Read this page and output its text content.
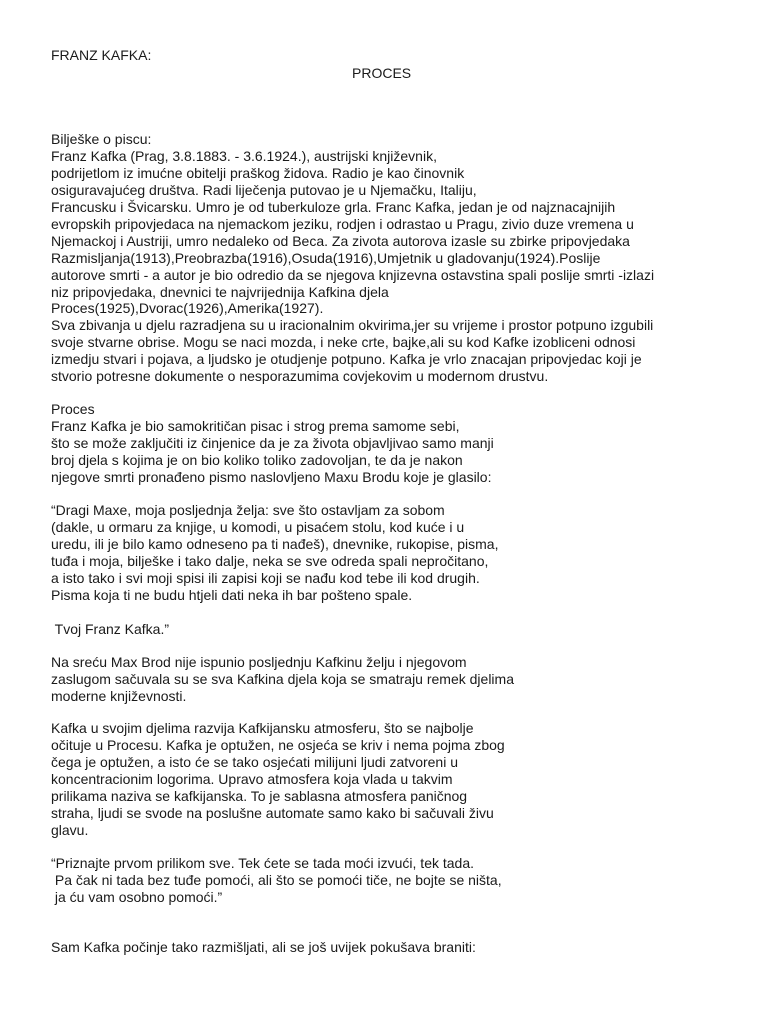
FRANZ KAFKA:

PROCES

Bilješke o piscu:

Franz Kafka (Prag, 3.8.1883. - 3.6.1924.), austrijski književnik,

podrijetlom iz imućne obitelji praškog židova. Radio je kao činovnik

osiguravajućeg društva. Radi liječenja putovao je u Njemačku, Italiju,

Francusku i Švicarsku. Umro je od tuberkuloze grla. Franc Kafka, jedan je od najznacajnijih

evropskih pripovjedaca na njemackom jeziku, rodjen i odrastao u Pragu, zivio duze vremena u

Njemackoj i Austriji, umro nedaleko od Beca. Za zivota autorova izasle su zbirke pripovjedaka

Razmisljanja(1913),Preobrazba(1916),Osuda(1916),Umjetnik u gladovanju(1924).Poslije

autorove smrti - a autor je bio odredio da se njegova knjizevna ostavstina spali poslije smrti -izlazi

niz pripovjedaka, dnevnici te najvrijednija Kafkina djela

Proces(1925),Dvorac(1926),Amerika(1927).

Sva zbivanja u djelu razradjena su u iracionalnim okvirima,jer su vrijeme i prostor potpuno izgubili

svoje stvarne obrise. Mogu se naci mozda, i neke crte, bajke,ali su kod Kafke izobliceni odnosi

izmedju stvari i pojava, a ljudsko je otudjenje potpuno. Kafka je vrlo znacajan pripovjedac koji je

stvorio potresne dokumente o nesporazumima covjekovim u modernom drustvu.

Proces

Franz Kafka je bio samokritičan pisac i strog prema samome sebi,

što se može zaključiti iz činjenice da je za života objavljivao samo manji

broj djela s kojima je on bio koliko toliko zadovoljan, te da je nakon

njegove smrti pronađeno pismo naslovljeno Maxu Brodu koje je glasilo:

“Dragi Maxe, moja posljednja želja: sve što ostavljam za sobom

(dakle, u ormaru za knjige, u komodi, u pisaćem stolu, kod kuće i u

uredu, ili je bilo kamo odneseno pa ti nađeš), dnevnike, rukopise, pisma,

tuđa i moja, bilješke i tako dalje, neka se sve odreda spali nepročitano,

a isto tako i svi moji spisi ili zapisi koji se nađu kod tebe ili kod drugih.

Pisma koja ti ne budu htjeli dati neka ih bar pošteno spale.

Tvoj Franz Kafka.”

Na sreću Max Brod nije ispunio posljednju Kafkinu želju i njegovom

zaslugom sačuvala su se sva Kafkina djela koja se smatraju remek djelima

moderne književnosti.

Kafka u svojim djelima razvija Kafkijansku atmosferu, što se najbolje

očituje u Procesu. Kafka je optužen, ne osjeća se kriv i nema pojma zbog

čega je optužen, a isto će se tako osjećati milijuni ljudi zatvoreni u

koncentracionim logorima. Upravo atmosfera koja vlada u takvim

prilikama naziva se kafkijanska. To je sablasna atmosfera paničnog

straha, ljudi se svode na poslušne automate samo kako bi sačuvali živu

glavu.

“Priznajte prvom prilikom sve. Tek ćete se tada moći izvući, tek tada.

Pa čak ni tada bez tuđe pomoći, ali što se pomoći tiče, ne bojte se ništa,

ja ću vam osobno pomoći.”

Sam Kafka počinje tako razmišljati, ali se još uvijek pokušava braniti:
